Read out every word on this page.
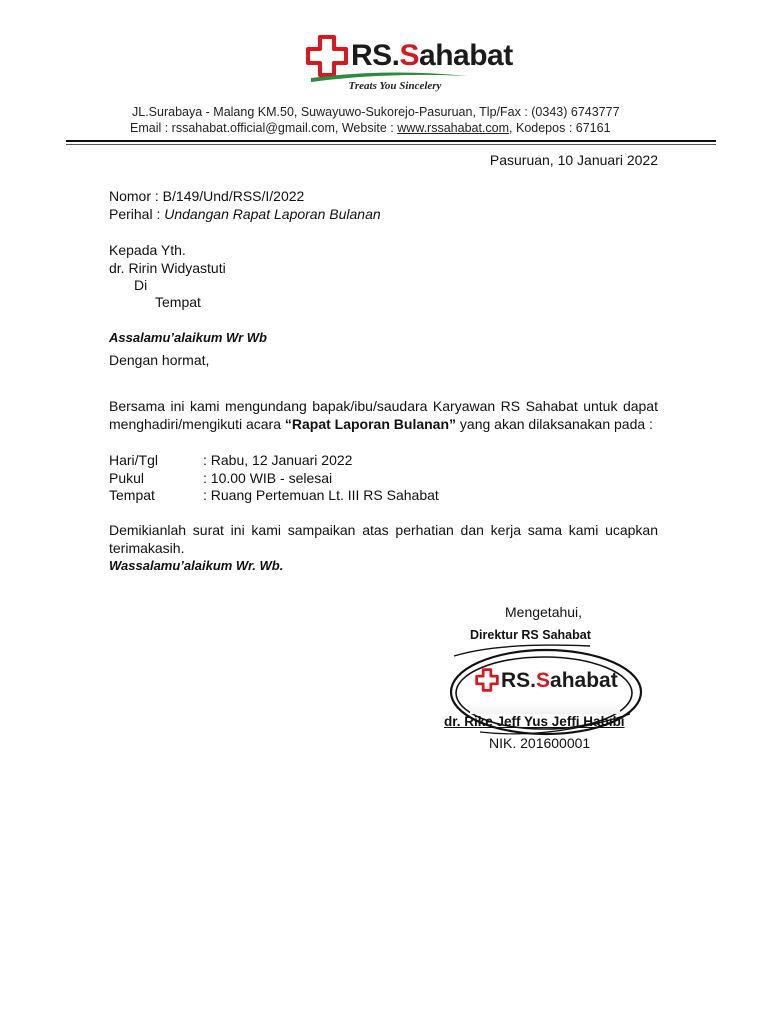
RS.Sahabat
Treats You Sincelery
JL.Surabaya - Malang KM.50, Suwayuwo-Sukorejo-Pasuruan, Tlp/Fax : (0343) 6743777
Email : rssahabat.official@gmail.com, Website : www.rssahabat.com, Kodepos : 67161
Pasuruan, 10 Januari 2022
Nomor : B/149/Und/RSS/I/2022
Perihal : Undangan Rapat Laporan Bulanan
Kepada Yth.
dr. Ririn Widyastuti
Di
Tempat
Assalamu’alaikum Wr Wb
Dengan hormat,
Bersama ini kami mengundang bapak/ibu/saudara Karyawan RS Sahabat untuk dapat menghadiri/mengikuti acara “Rapat Laporan Bulanan” yang akan dilaksanakan pada :
Hari/Tgl	: Rabu, 12 Januari 2022
Pukul	: 10.00 WIB - selesai
Tempat	: Ruang Pertemuan Lt. III RS Sahabat
Demikianlah surat ini kami sampaikan atas perhatian dan kerja sama kami ucapkan terimakasih.
Wassalamu’alaikum Wr. Wb.
Mengetahui,
Direktur RS Sahabat
RS.Sahabat
dr. Rike Jeff Yus Jeffi Habibi
NIK. 201600001
